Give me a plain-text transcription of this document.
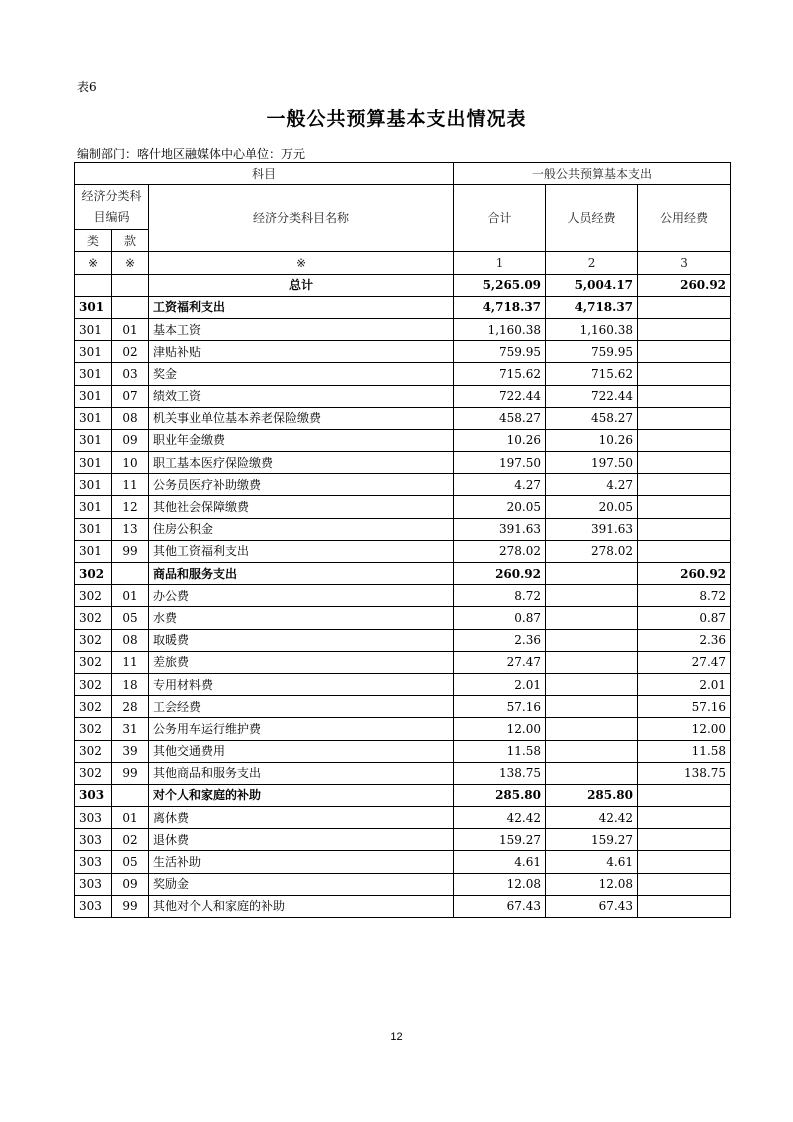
表6
一般公共预算基本支出情况表
编制部门：喀什地区融媒体中心单位：万元
科目			一般公共预算基本支出		
经济分类科目编码		经济分类科目名称	合计	人员经费	公用经费
类	款				
※	※	※	1	2	3
		总计	5,265.09	5,004.17	260.92
301		工资福利支出	4,718.37	4,718.37	
301	01	基本工资	1,160.38	1,160.38	
301	02	津贴补贴	759.95	759.95	
301	03	奖金	715.62	715.62	
301	07	绩效工资	722.44	722.44	
301	08	机关事业单位基本养老保险缴费	458.27	458.27	
301	09	职业年金缴费	10.26	10.26	
301	10	职工基本医疗保险缴费	197.50	197.50	
301	11	公务员医疗补助缴费	4.27	4.27	
301	12	其他社会保障缴费	20.05	20.05	
301	13	住房公积金	391.63	391.63	
301	99	其他工资福利支出	278.02	278.02	
302		商品和服务支出	260.92		260.92
302	01	办公费	8.72		8.72
302	05	水费	0.87		0.87
302	08	取暖费	2.36		2.36
302	11	差旅费	27.47		27.47
302	18	专用材料费	2.01		2.01
302	28	工会经费	57.16		57.16
302	31	公务用车运行维护费	12.00		12.00
302	39	其他交通费用	11.58		11.58
302	99	其他商品和服务支出	138.75		138.75
303		对个人和家庭的补助	285.80	285.80	
303	01	离休费	42.42	42.42	
303	02	退休费	159.27	159.27	
303	05	生活补助	4.61	4.61	
303	09	奖励金	12.08	12.08	
303	99	其他对个人和家庭的补助	67.43	67.43	
12
